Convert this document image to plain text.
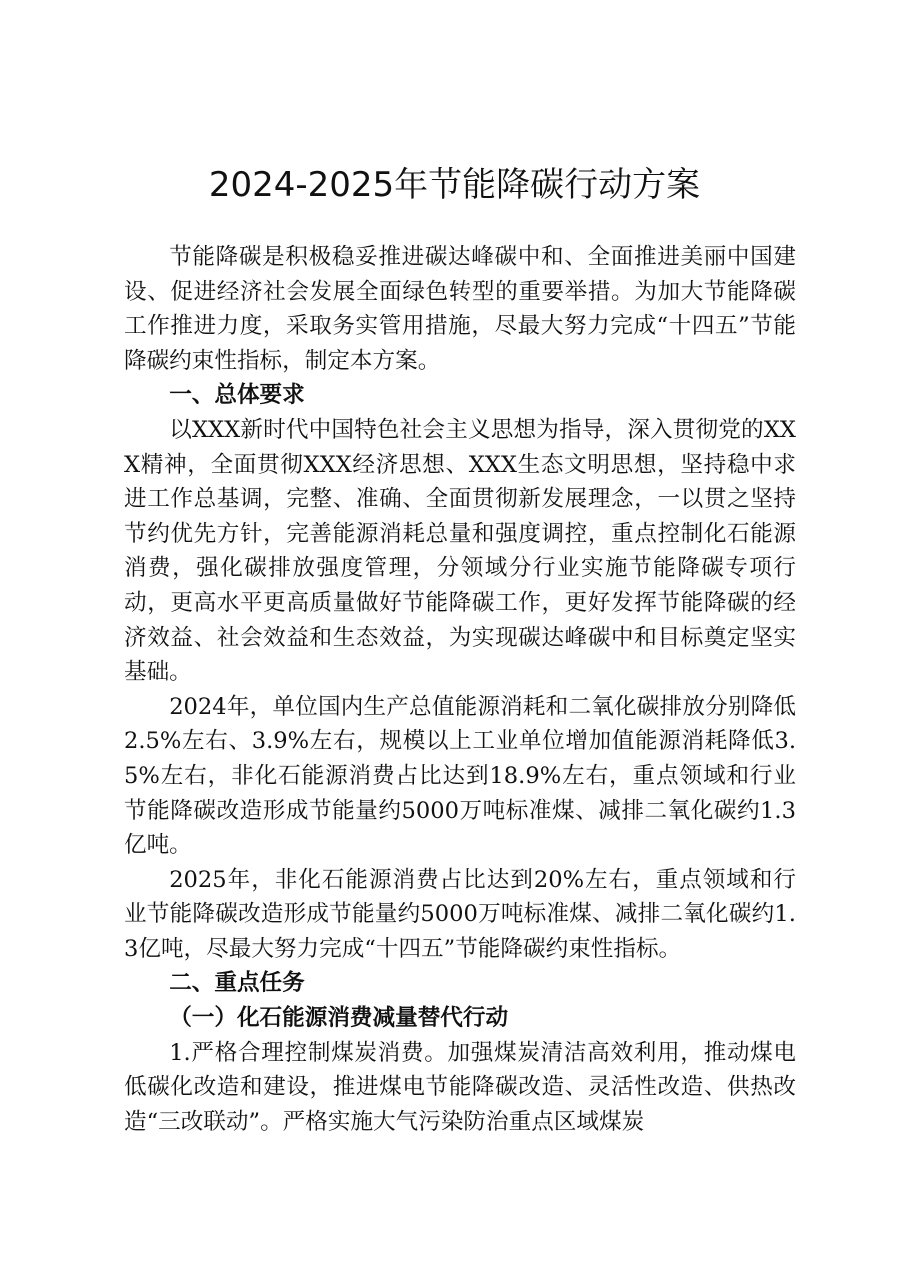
2024-2025年节能降碳行动方案

节能降碳是积极稳妥推进碳达峰碳中和、全面推进美丽中国建设、促进经济社会发展全面绿色转型的重要举措。为加大节能降碳工作推进力度，采取务实管用措施，尽最大努力完成“十四五”节能降碳约束性指标，制定本方案。

一、总体要求

以XXX新时代中国特色社会主义思想为指导，深入贯彻党的XXX精神，全面贯彻XXX经济思想、XXX生态文明思想，坚持稳中求进工作总基调，完整、准确、全面贯彻新发展理念，一以贯之坚持节约优先方针，完善能源消耗总量和强度调控，重点控制化石能源消费，强化碳排放强度管理，分领域分行业实施节能降碳专项行动，更高水平更高质量做好节能降碳工作，更好发挥节能降碳的经济效益、社会效益和生态效益，为实现碳达峰碳中和目标奠定坚实基础。

2024年，单位国内生产总值能源消耗和二氧化碳排放分别降低2.5%左右、3.9%左右，规模以上工业单位增加值能源消耗降低3.5%左右，非化石能源消费占比达到18.9%左右，重点领域和行业节能降碳改造形成节能量约5000万吨标准煤、减排二氧化碳约1.3亿吨。

2025年，非化石能源消费占比达到20%左右，重点领域和行业节能降碳改造形成节能量约5000万吨标准煤、减排二氧化碳约1.3亿吨，尽最大努力完成“十四五”节能降碳约束性指标。

二、重点任务

（一）化石能源消费减量替代行动

1.严格合理控制煤炭消费。加强煤炭清洁高效利用，推动煤电低碳化改造和建设，推进煤电节能降碳改造、灵活性改造、供热改造“三改联动”。严格实施大气污染防治重点区域煤炭
